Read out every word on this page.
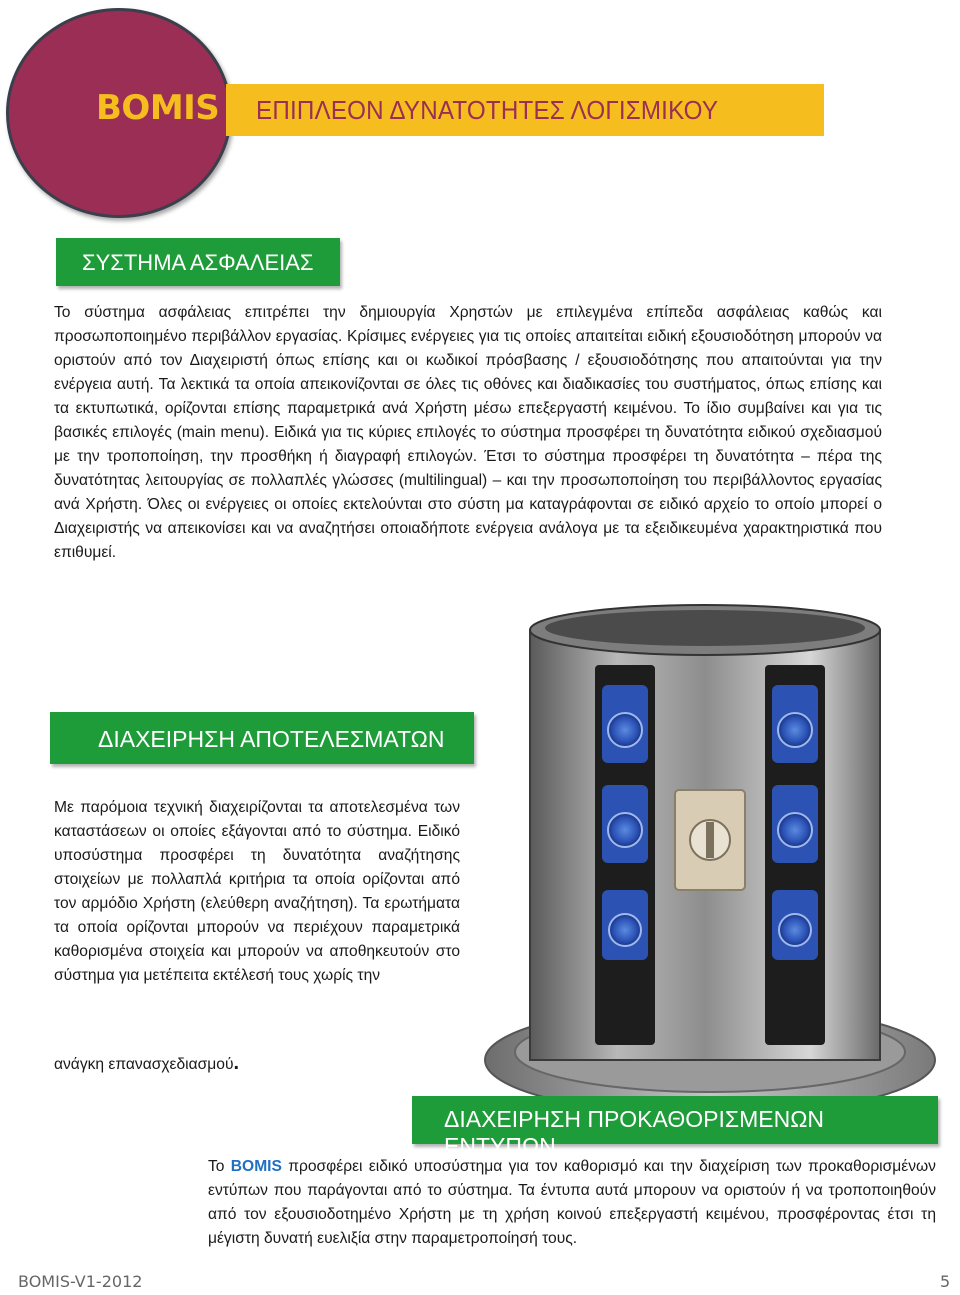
BOMIS ΕΠΙΠΛΕΟΝ ΔΥΝΑΤΟΤΗΤΕΣ ΛΟΓΙΣΜΙΚΟΥ
ΣΥΣΤΗΜΑ ΑΣΦΑΛΕΙΑΣ

Το σύστημα ασφάλειας επιτρέπει την δημιουργία Χρηστών με επιλεγμένα επίπεδα ασφάλειας καθώς και προσωποποιημένο περιβάλλον εργασίας. Κρίσιμες ενέργειες για τις οποίες απαιτείται ειδική εξουσιοδότηση μπορούν να οριστούν από τον Διαχειριστή όπως επίσης και οι κωδικοί πρόσβασης / εξουσιοδότησης που απαιτούνται για την ενέργεια αυτή. Τα λεκτικά τα οποία απεικονίζονται σε όλες τις οθόνες και διαδικασίες του συστήματος, όπως επίσης και τα εκτυπωτικά, ορίζονται επίσης παραμετρικά ανά Χρήστη μέσω επεξεργαστή κειμένου. Το ίδιο συμβαίνει και για τις βασικές επιλογές (main menu). Ειδικά για τις κύριες επιλογές το σύστημα προσφέρει τη δυνατότητα ειδικού σχεδιασμού με την τροποποίηση, την προσθήκη ή διαγραφή επιλογών. Έτσι το σύστημα προσφέρει τη δυνατότητα – πέρα της δυνατότητας λειτουργίας σε πολλαπλές γλώσσες (multilingual) – και την προσωποποίηση του περιβάλλοντος εργασίας ανά Χρήστη. Όλες οι ενέργειες οι οποίες εκτελούνται στο σύστη μα καταγράφονται σε ειδικό αρχείο το οποίο μπορεί ο Διαχειριστής να απεικονίσει και να αναζητήσει οποιαδήποτε ενέργεια ανάλογα με τα εξειδικευμένα χαρακτηριστικά που επιθυμεί.

ΔΙΑΧΕΙΡΗΣΗ ΑΠΟΤΕΛΕΣΜΑΤΩΝ

Με παρόμοια τεχνική διαχειρίζονται τα αποτελεσμένα των καταστάσεων οι οποίες εξάγονται από το σύστημα. Ειδικό υποσύστημα προσφέρει τη δυνατότητα αναζήτησης στοιχείων με πολλαπλά κριτήρια τα οποία ορίζονται από τον αρμόδιο Χρήστη (ελεύθερη αναζήτηση). Τα ερωτήματα τα οποία ορίζονται μπορούν να περιέχουν παραμετρικά καθορισμένα στοιχεία και μπορούν να αποθηκευτούν στο σύστημα για μετέπειτα εκτέλεσή τους χωρίς την

ανάγκη επανασχεδιασμού.

ΔΙΑΧΕΙΡΗΣΗ ΠΡΟΚΑΘΟΡΙΣΜΕΝΩΝ ΕΝΤΥΠΩΝ

Το BOMIS προσφέρει ειδικό υποσύστημα για τον καθορισμό και την διαχείριση των προκαθορισμένων εντύπων που παράγονται από το σύστημα. Τα έντυπα αυτά μπορουν να οριστούν ή να τροποποιηθούν από τον εξουσιοδοτημένο Χρήστη με τη χρήση κοινού επεξεργαστή κειμένου, προσφέροντας έτσι τη μέγιστη δυνατή ευελιξία στην παραμετροποίησή τους.

BOMIS-V1-2012	5
